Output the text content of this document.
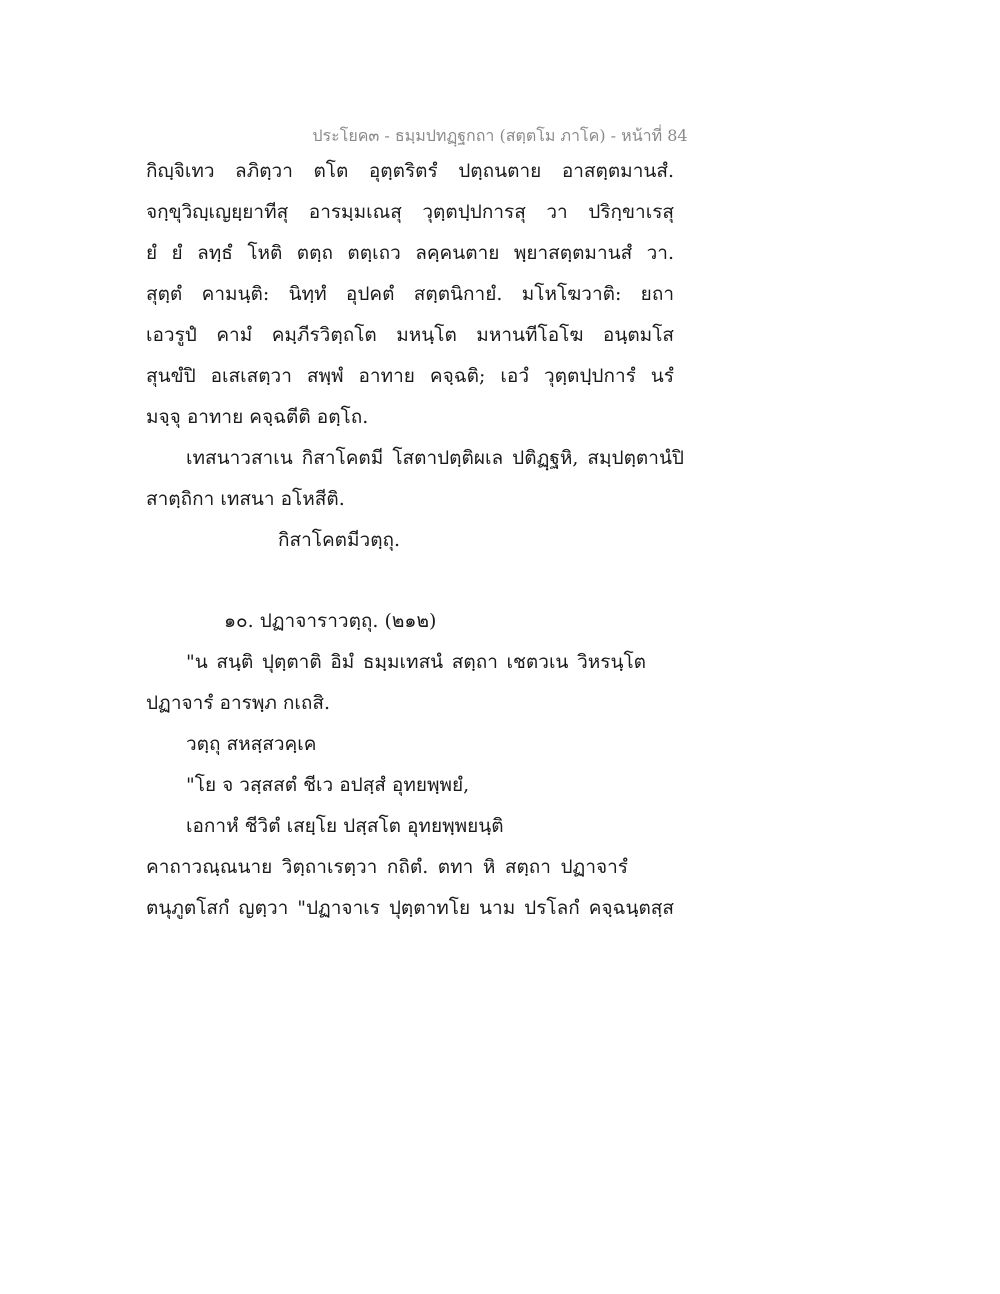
ประโยค๓ - ธมฺมปทฏฺฐกถา (สตฺตโม ภาโค) - หน้าที่ 84
กิญฺจิเทว ลภิตฺวา ตโต อุตฺตริตรํ ปตฺถนตาย อาสตฺตมานสํ.
จกฺขุวิญฺเญยฺยาทีสุ อารมฺมเณสุ วุตฺตปฺปการสุ วา ปริกฺขาเรสุ
ยํ ยํ ลทฺธํ โหติ ตตฺถ ตตฺเถว ลคฺคนตาย พฺยาสตฺตมานสํ วา.
สุตฺตํ คามนฺติ: นิทฺทํ อุปคตํ สตฺตนิกายํ. มโหโฆวาติ: ยถา
เอวรูปํ คามํ คมฺภีรวิตฺถโต มหนฺโต มหานทีโอโฆ อนฺตมโส
สุนขํปิ อเสเสตฺวา สพฺพํ อาทาย คจฺฉติ; เอวํ วุตฺตปฺปการํ นรํ
มจฺจุ อาทาย คจฺฉตีติ อตฺโถ.
เทสนาวสาเน กิสาโคตมี โสตาปตฺติผเล ปติฏฺฐหิ, สมฺปตฺตานํปิ
สาตฺถิกา เทสนา อโหสีติ.
กิสาโคตมีวตฺถุ.
๑๐. ปฏาจาราวตฺถุ. (๒๑๒)
"น สนฺติ ปุตฺตาติ อิมํ ธมฺมเทสนํ สตฺถา เชตวเน วิหรนฺโต
ปฏาจารํ อารพฺภ กเถสิ.
วตฺถุ สหสฺสวคฺเค
"โย จ วสฺสสตํ ชีเว อปสฺสํ อุทยพฺพยํ,
เอกาหํ ชีวิตํ เสยฺโย ปสฺสโต อุทยพฺพยนฺติ
คาถาวณฺณนาย วิตฺถาเรตฺวา กถิตํ. ตทา หิ สตฺถา ปฏาจารํ
ตนุภูตโสกํ ญตฺวา "ปฏาจาเร ปุตฺตาทโย นาม ปรโลกํ คจฺฉนฺตสฺส
